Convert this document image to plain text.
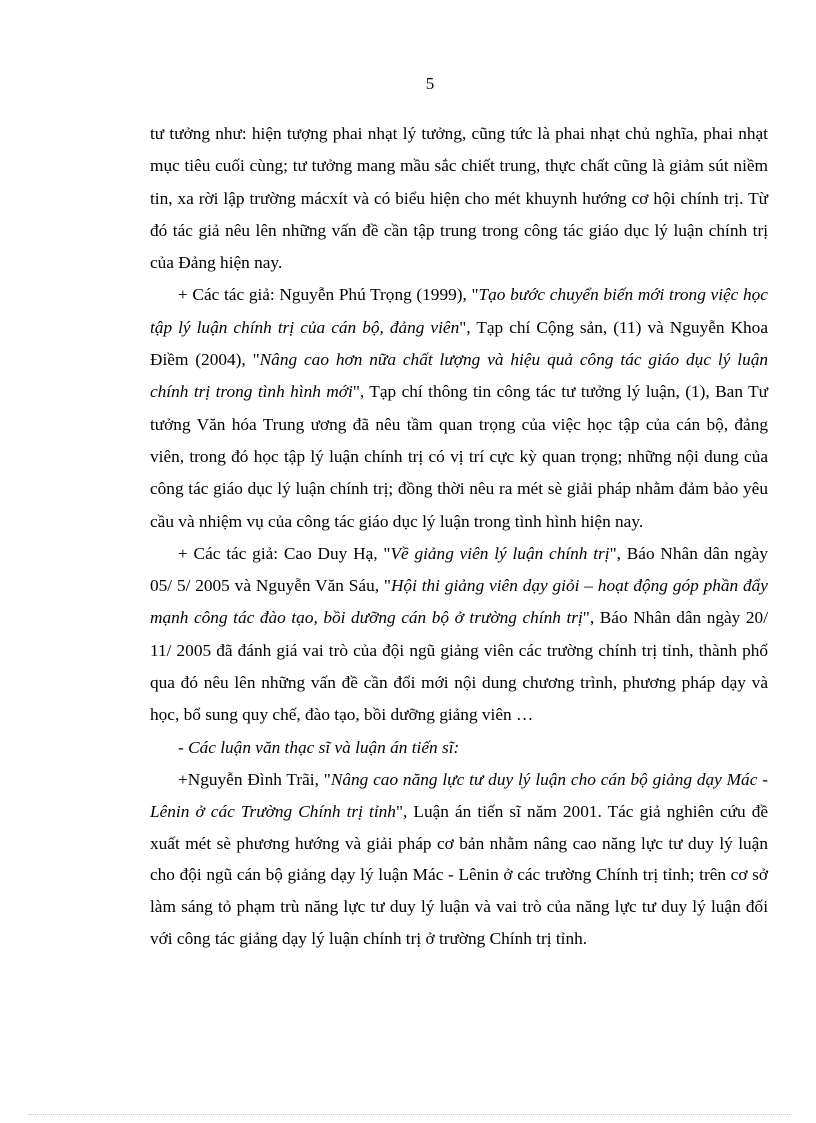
5

tư tưởng như: hiện tượng phai nhạt lý tưởng, cũng tức là phai nhạt chủ nghĩa, phai nhạt mục tiêu cuối cùng; tư tưởng mang mầu sắc chiết trung, thực chất cũng là giảm sút niềm tin, xa rời lập trường mácxít và có biểu hiện cho mét khuynh hướng cơ hội chính trị. Từ đó tác giả nêu lên những vấn đề cần tập trung trong công tác giáo dục lý luận chính trị của Đảng hiện nay.

+ Các tác giả: Nguyễn Phú Trọng (1999), "Tạo bước chuyển biến mới trong việc học tập lý luận chính trị của cán bộ, đảng viên", Tạp chí Cộng sản, (11) và Nguyễn Khoa Điềm (2004), "Nâng cao hơn nữa chất lượng và hiệu quả công tác giáo dục lý luận chính trị trong tình hình mới", Tạp chí thông tin công tác tư tưởng lý luận, (1), Ban Tư tưởng Văn hóa Trung ương đã nêu tầm quan trọng của việc học tập của cán bộ, đảng viên, trong đó học tập lý luận chính trị có vị trí cực kỳ quan trọng; những nội dung của công tác giáo dục lý luận chính trị; đồng thời nêu ra mét sè giải pháp nhằm đảm bảo yêu cầu và nhiệm vụ của công tác giáo dục lý luận trong tình hình hiện nay.

+ Các tác giả: Cao Duy Hạ, "Về giảng viên lý luận chính trị", Báo Nhân dân ngày 05/ 5/ 2005 và Nguyễn Văn Sáu, "Hội thi giảng viên dạy giỏi – hoạt động góp phần đẩy mạnh công tác đào tạo, bồi dưỡng cán bộ ở trường chính trị", Báo Nhân dân ngày 20/ 11/ 2005 đã đánh giá vai trò của đội ngũ giảng viên các trường chính trị tỉnh, thành phố qua đó nêu lên những vấn đề cần đổi mới nội dung chương trình, phương pháp dạy và học, bổ sung quy chế, đào tạo, bồi dưỡng giảng viên …

- Các luận văn thạc sĩ và luận án tiến sĩ:

+Nguyễn Đình Trãi, "Nâng cao năng lực tư duy lý luận cho cán bộ giảng dạy Mác - Lênin ở các Trường Chính trị tỉnh", Luận án tiến sĩ năm 2001. Tác giả nghiên cứu đề xuất mét sè phương hướng và giải pháp cơ bản nhằm nâng cao năng lực tư duy lý luận cho đội ngũ cán bộ giảng dạy lý luận Mác - Lênin ở các trường Chính trị tỉnh; trên cơ sở làm sáng tỏ phạm trù năng lực tư duy lý luận và vai trò của năng lực tư duy lý luận đối với công tác giảng dạy lý luận chính trị ở trường Chính trị tỉnh.
